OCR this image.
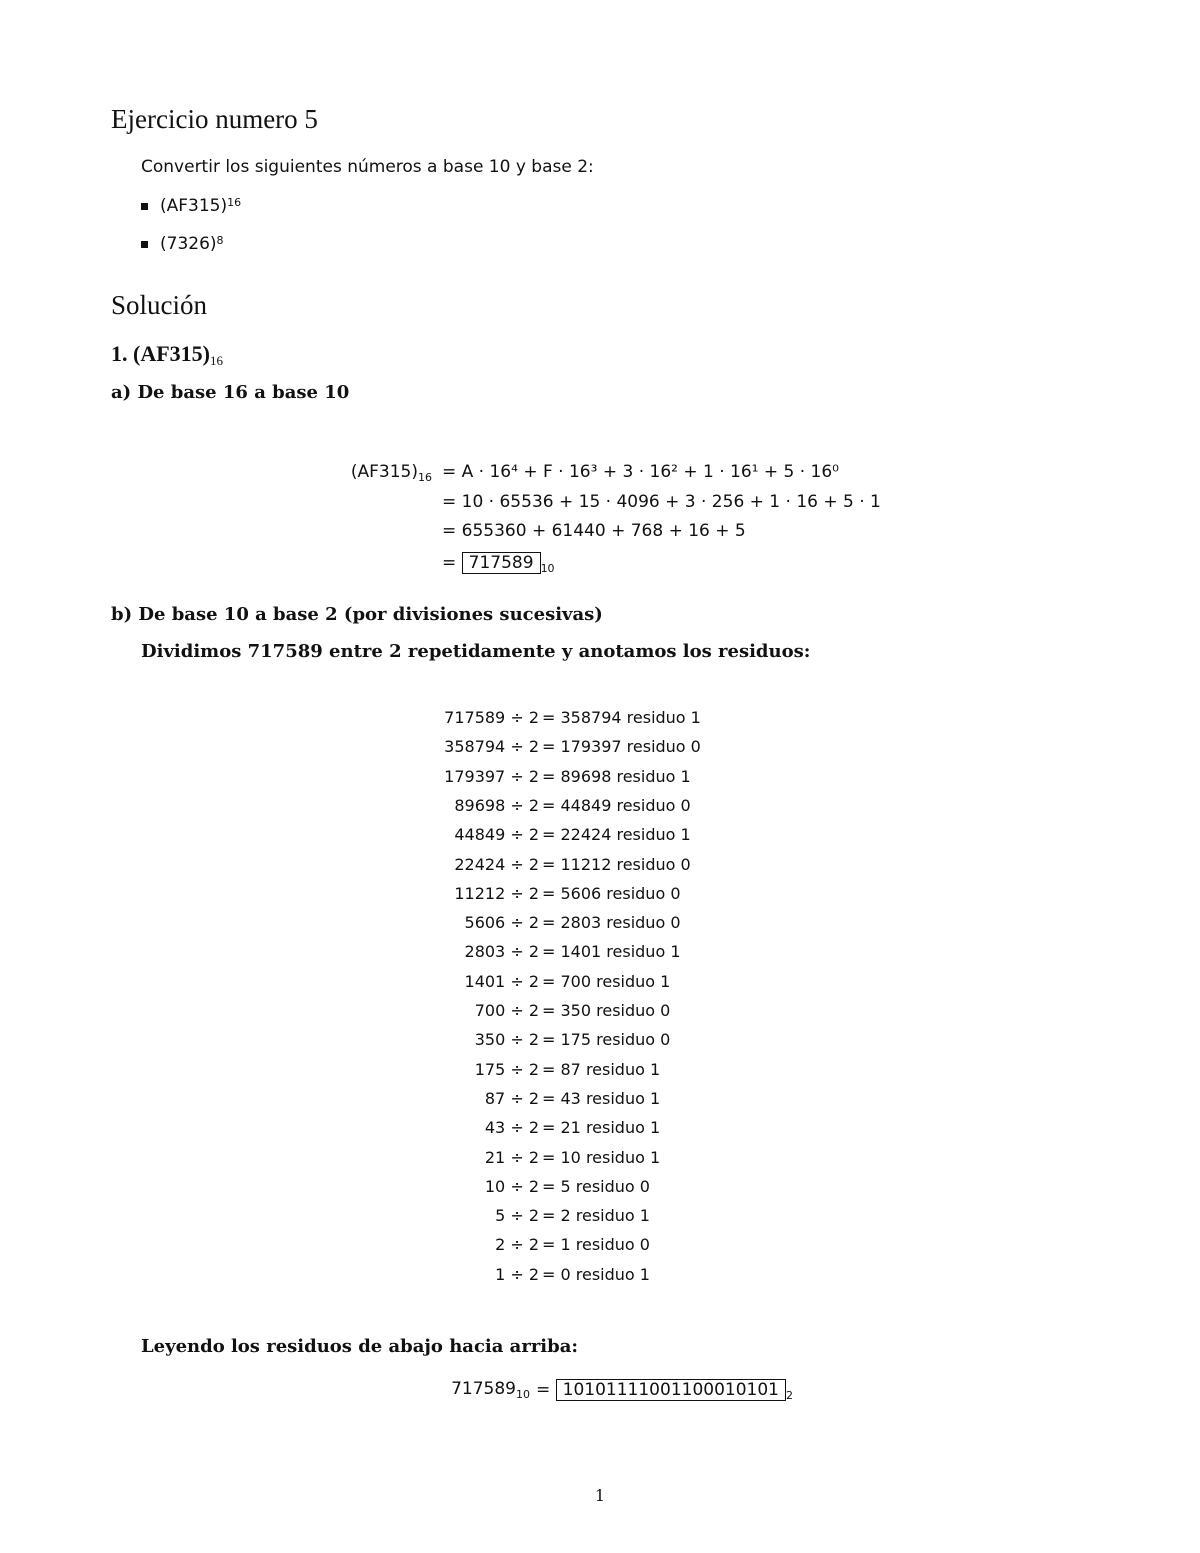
Ejercicio numero 5
Convertir los siguientes números a base 10 y base 2:
$(AF315)^{16}$
$(7326)^8$
Solución
1. $(AF315)_{16}$
a) De base 16 a base 10
$(AF315)_{16} = A \cdot 16^4 + F \cdot 16^3 + 3 \cdot 16^2 + 1 \cdot 16^1 + 5 \cdot 16^0$
= 10 · 65536 + 15 · 4096 + 3 · 256 + 1 · 16 + 5 · 1
= 655360 + 61440 + 768 + 16 + 5
= 717589 $_{10}$
b) De base 10 a base 2 (por divisiones sucesivas)
Dividimos 717589 entre 2 repetidamente y anotamos los residuos:
717589 ÷ 2 = 358794 residuo 1
358794 ÷ 2 = 179397 residuo 0
179397 ÷ 2 = 89698 residuo 1
89698 ÷ 2 = 44849 residuo 0
44849 ÷ 2 = 22424 residuo 1
22424 ÷ 2 = 11212 residuo 0
11212 ÷ 2 = 5606 residuo 0
5606 ÷ 2 = 2803 residuo 0
2803 ÷ 2 = 1401 residuo 1
1401 ÷ 2 = 700 residuo 1
700 ÷ 2 = 350 residuo 0
350 ÷ 2 = 175 residuo 0
175 ÷ 2 = 87 residuo 1
87 ÷ 2 = 43 residuo 1
43 ÷ 2 = 21 residuo 1
21 ÷ 2 = 10 residuo 1
10 ÷ 2 = 5 residuo 0
5 ÷ 2 = 2 residuo 1
2 ÷ 2 = 1 residuo 0
1 ÷ 2 = 0 residuo 1
Leyendo los residuos de abajo hacia arriba:
$717589_{10} = 10101111001100010101$ $_2$
1
